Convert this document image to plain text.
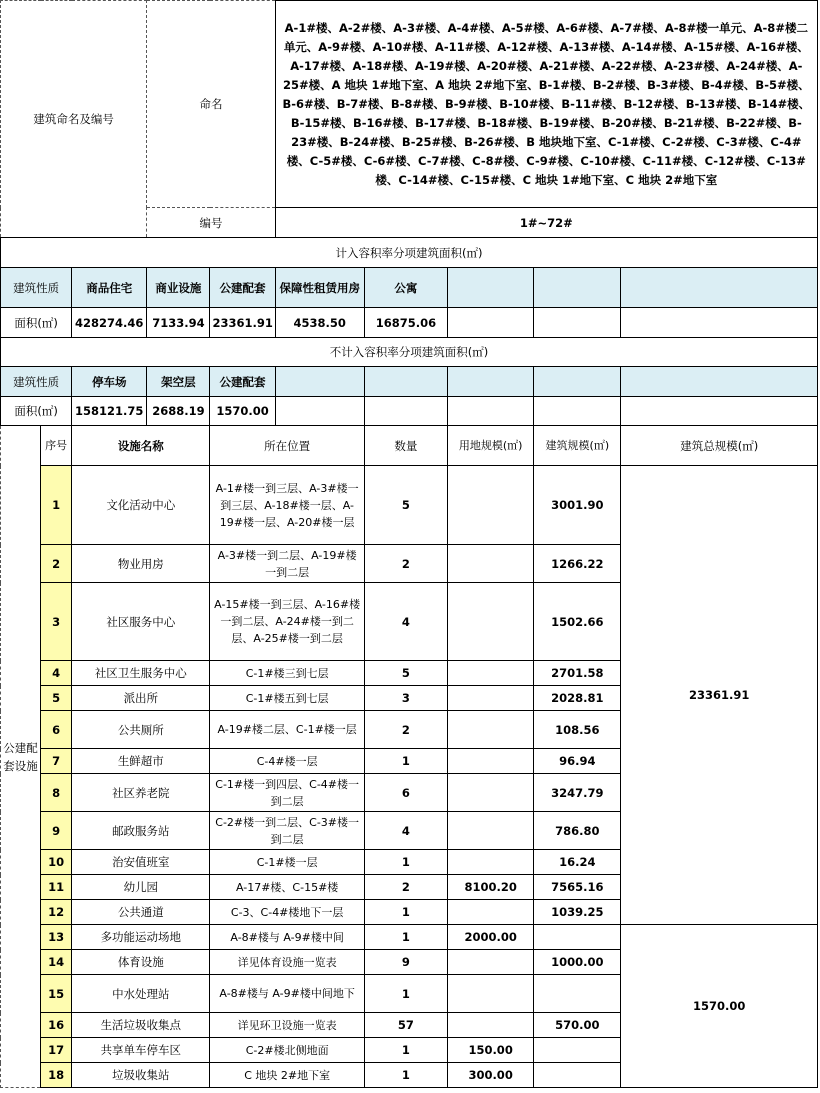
建筑命名及编号			命名		A-1#楼、A-2#楼、A-3#楼、A-4#楼、A-5#楼、A-6#楼、A-7#楼、A-8#楼一单元、A-8#楼二单元、A-9#楼、A-10#楼、A-11#楼、A-12#楼、A-13#楼、A-14#楼、A-15#楼、A-16#楼、A-17#楼、A-18#楼、A-19#楼、A-20#楼、A-21#楼、A-22#楼、A-23#楼、A-24#楼、A-25#楼、A 地块 1#地下室、A 地块 2#地下室、B-1#楼、B-2#楼、B-3#楼、B-4#楼、B-5#楼、B-6#楼、B-7#楼、B-8#楼、B-9#楼、B-10#楼、B-11#楼、B-12#楼、B-13#楼、B-14#楼、B-15#楼、B-16#楼、B-17#楼、B-18#楼、B-19#楼、B-20#楼、B-21#楼、B-22#楼、B-23#楼、B-24#楼、B-25#楼、B-26#楼、B 地块地下室、C-1#楼、C-2#楼、C-3#楼、C-4#楼、C-5#楼、C-6#楼、C-7#楼、C-8#楼、C-9#楼、C-10#楼、C-11#楼、C-12#楼、C-13#楼、C-14#楼、C-15#楼、C 地块 1#地下室、C 地块 2#地下室				
			编号		1#~72#				
计入容积率分项建筑面积(㎡)									
建筑性质		商品住宅	商业设施	公建配套	保障性租赁用房	公寓			
面积(㎡)		428274.46	7133.94	23361.91	4538.50	16875.06			
不计入容积率分项建筑面积(㎡)									
建筑性质		停车场	架空层	公建配套					
面积(㎡)		158121.75	2688.19	1570.00					
公建配套设施	序号	设施名称		所在位置		数量	用地规模(㎡)	建筑规模(㎡)	建筑总规模(㎡)
	1	文化活动中心		A-1#楼一到三层、A-3#楼一到三层、A-18#楼一层、A-19#楼一层、A-20#楼一层		5		3001.90	23361.91
	2	物业用房		A-3#楼一到二层、A-19#楼一到二层		2		1266.22	
	3	社区服务中心		A-15#楼一到三层、A-16#楼一到二层、A-24#楼一到二层、A-25#楼一到二层		4		1502.66	
	4	社区卫生服务中心		C-1#楼三到七层		5		2701.58	
	5	派出所		C-1#楼五到七层		3		2028.81	
	6	公共厕所		A-19#楼二层、C-1#楼一层		2		108.56	
	7	生鲜超市		C-4#楼一层		1		96.94	
	8	社区养老院		C-1#楼一到四层、C-4#楼一到二层		6		3247.79	
	9	邮政服务站		C-2#楼一到二层、C-3#楼一到二层		4		786.80	
	10	治安值班室		C-1#楼一层		1		16.24	
	11	幼儿园		A-17#楼、C-15#楼		2	8100.20	7565.16	
	12	公共通道		C-3、C-4#楼地下一层		1		1039.25	
	13	多功能运动场地		A-8#楼与 A-9#楼中间		1	2000.00		1570.00
	14	体育设施		详见体育设施一览表		9		1000.00	
	15	中水处理站		A-8#楼与 A-9#楼中间地下		1			
	16	生活垃圾收集点		详见环卫设施一览表		57		570.00	
	17	共享单车停车区		C-2#楼北侧地面		1	150.00		
	18	垃圾收集站		C 地块 2#地下室		1	300.00		
